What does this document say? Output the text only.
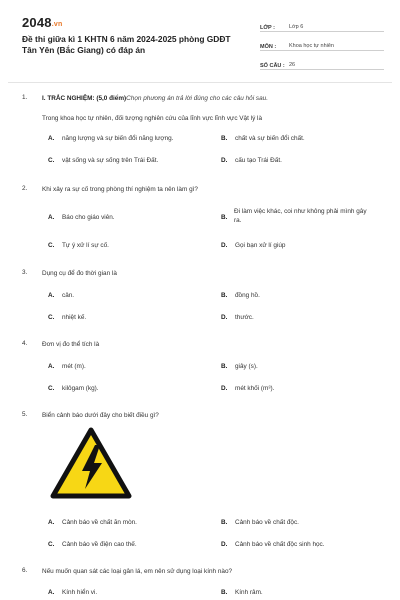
2048.vn
Đề thi giữa kì 1 KHTN 6 năm 2024-2025 phòng GDĐT Tân Yên (Bắc Giang) có đáp án
LỚP :	Lớp 6
MÔN :	Khoa học tự nhiên
SỐ CÂU : 26
1. I. TRẮC NGHIỆM: (5,0 điểm)Chọn phương án trả lời đúng cho các câu hỏi sau.
Trong khoa học tự nhiên, đối tượng nghiên cứu của lĩnh vực lĩnh vực Vật lý là
A. năng lượng và sự biến đổi năng lượng.	B. chất và sự biến đổi chất.
C. vật sống và sự sống trên Trái Đất.	D. cấu tạo Trái Đất.
2. Khi xảy ra sự cố trong phòng thí nghiệm ta nên làm gì?
A. Báo cho giáo viên.	B.
Đi làm việc khác, coi như không phải mình gây ra.
C. Tự ý xử lí sự cố.	D. Gọi bạn xử lí giúp
3. Dụng cụ để đo thời gian là
A. cân.	B. đồng hồ.
C. nhiệt kế.	D. thước.
4. Đơn vị đo thể tích là
A. mét (m).	B. giây (s).
C. kilôgam (kg).	D. mét khối (m³).
5. Biển cảnh báo dưới đây cho biết điều gì?
A. Cảnh báo về chất ăn mòn.	B. Cảnh báo về chất độc.
C. Cảnh báo về điện cao thế.	D. Cảnh báo về chất độc sinh học.
6. Nếu muốn quan sát các loại gân lá, em nên sử dụng loại kính nào?
A. Kính hiển vi.	B. Kính râm.
